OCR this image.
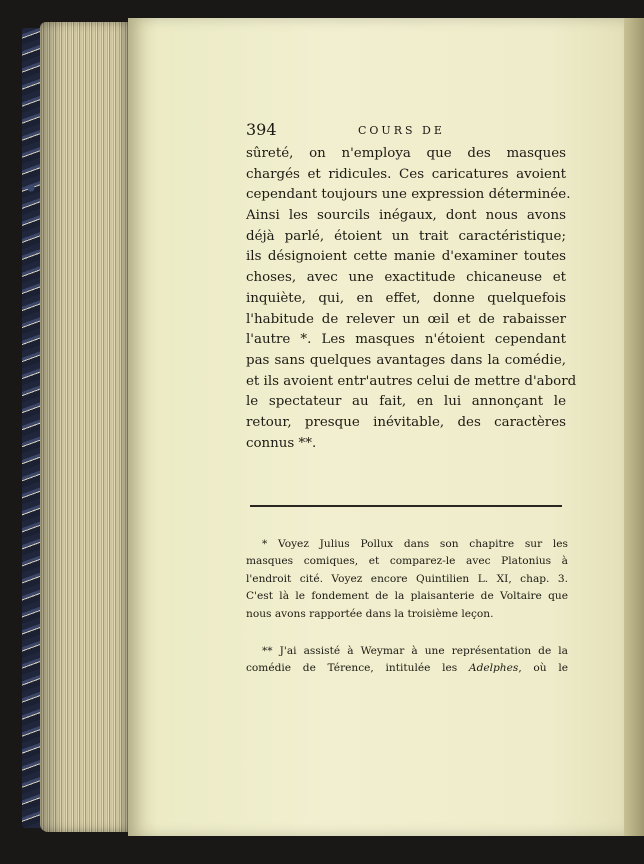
394	COURS DE
sûreté, on n'employa que des masques
chargés et ridicules. Ces caricatures avoient
cependant toujours une expression déterminée.
Ainsi les sourcils inégaux, dont nous avons
déjà parlé, étoient un trait caractéristique;
ils désignoient cette manie d'examiner toutes
choses, avec une exactitude chicaneuse et
inquiète, qui, en effet, donne quelquefois
l'habitude de relever un œil et de rabaisser
l'autre *. Les masques n'étoient cependant
pas sans quelques avantages dans la comédie,
et ils avoient entr'autres celui de mettre d'abord
le spectateur au fait, en lui annonçant le
retour, presque inévitable, des caractères
connus **.
* Voyez Julius Pollux dans son chapitre sur les
masques comiques, et comparez-le avec Platonius à
l'endroit cité. Voyez encore Quintilien L. XI, chap. 3.
C'est là le fondement de la plaisanterie de Voltaire que
nous avons rapportée dans la troisième leçon.
** J'ai assisté à Weymar à une représentation de la
comédie de Térence, intitulée les Adelphes, où le
